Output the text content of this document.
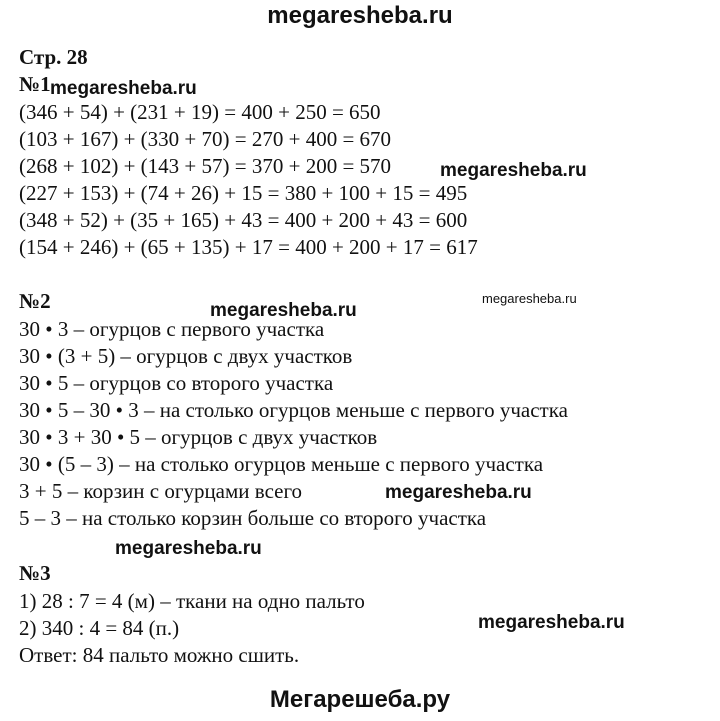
megaresheba.ru
Стр. 28
№1
(346 + 54) + (231 + 19) = 400 + 250 = 650
(103 + 167) + (330 + 70) = 270 + 400 = 670
(268 + 102) + (143 + 57) = 370 + 200 = 570
(227 + 153) + (74 + 26) + 15 = 380 + 100 + 15 = 495
(348 + 52) + (35 + 165) + 43 = 400 + 200 + 43 = 600
(154 + 246) + (65 + 135) + 17 = 400 + 200 + 17 = 617
№2
30 • 3 – огурцов с первого участка
30 • (3 + 5) – огурцов с двух участков
30 • 5 – огурцов со второго участка
30 • 5 – 30 • 3 – на столько огурцов меньше с первого участка
30 • 3 + 30 • 5 – огурцов с двух участков
30 • (5 – 3) – на столько огурцов меньше с первого участка
3 + 5 – корзин с огурцами всего
5 – 3 – на столько корзин больше со второго участка
№3
1) 28 : 7 = 4 (м) – ткани на одно пальто
2) 340 : 4 = 84 (п.)
Ответ: 84 пальто можно сшить.
megaresheba.ru
megaresheba.ru
megaresheba.ru
megaresheba.ru
megaresheba.ru
megaresheba.ru
megaresheba.ru
Мегарешеба.ру
